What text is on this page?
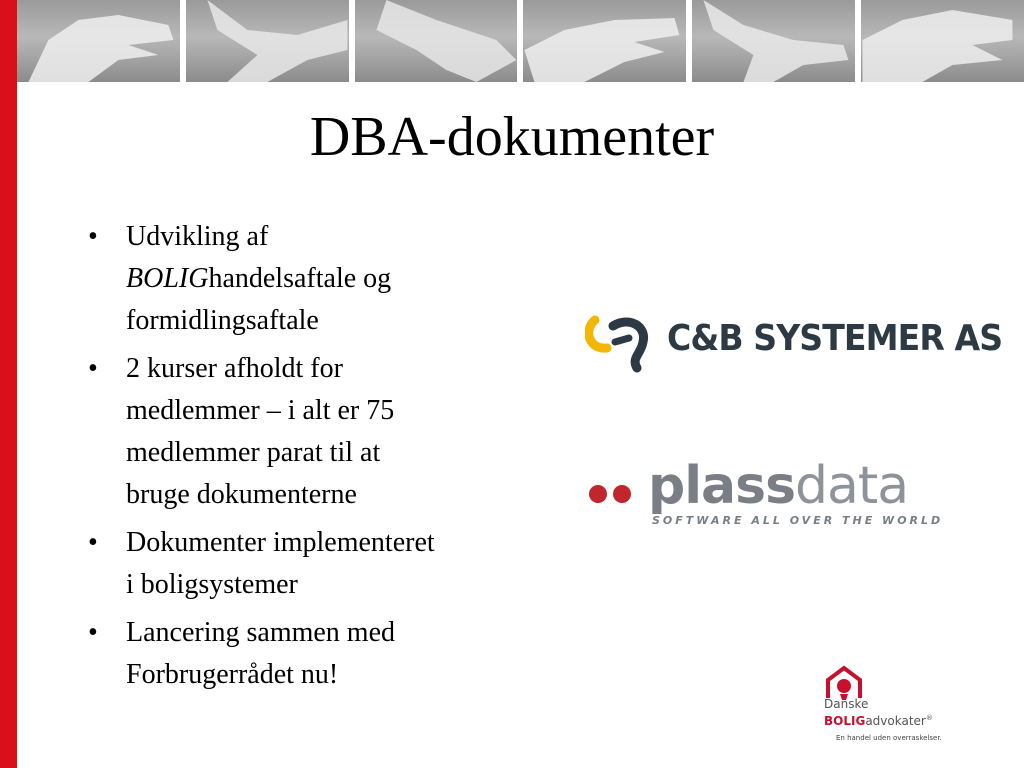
DBA-dokumenter
• Udvikling af
BOLIGhandelsaftale og
formidlingsaftale
• 2 kurser afholdt for
medlemmer – i alt er 75
medlemmer parat til at
bruge dokumenterne
• Dokumenter implementeret
i boligsystemer
• Lancering sammen med
Forbrugerrådet nu!
C&B SYSTEMER AS
plassdata
SOFTWARE ALL OVER THE WORLD
Danske
BOLIGadvokater®
En handel uden overraskelser.
